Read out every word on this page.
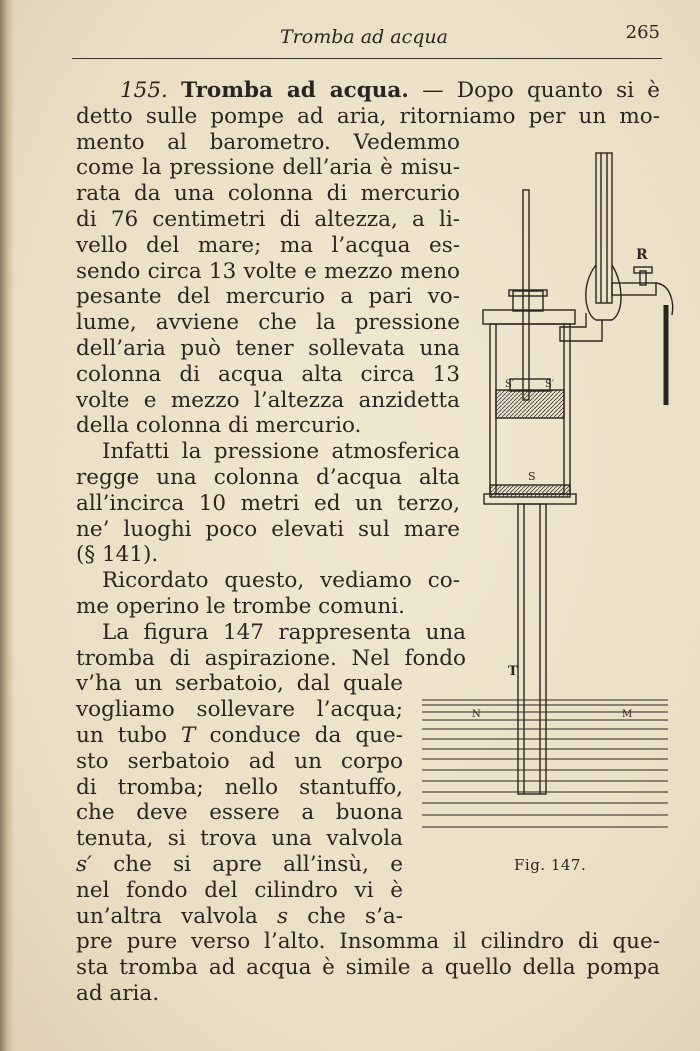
Tromba ad acqua	265
155. Tromba ad acqua. — Dopo quanto si è
detto sulle pompe ad aria, ritorniamo per un mo-
mento al barometro. Vedemmo
come la pressione dell’aria è misu-
rata da una colonna di mercurio
di 76 centimetri di altezza, a li-
vello del mare; ma l’acqua es-
sendo circa 13 volte e mezzo meno
pesante del mercurio a pari vo-
lume, avviene che la pressione
dell’aria può tener sollevata una
colonna di acqua alta circa 13
volte e mezzo l’altezza anzidetta
della colonna di mercurio.
Infatti la pressione atmosferica
regge una colonna d’acqua alta
all’incirca 10 metri ed un terzo,
ne’ luoghi poco elevati sul mare
(§ 141).
Ricordato questo, vediamo co-
me operino le trombe comuni.
La figura 147 rappresenta una
tromba di aspirazione. Nel fondo
v’ha un serbatoio, dal quale
vogliamo sollevare l’acqua;
un tubo T conduce da que-
sto serbatoio ad un corpo
di tromba; nello stantuffo,
che deve essere a buona
tenuta, si trova una valvola
s′ che si apre all’insù, e
nel fondo del cilindro vi è
un’altra valvola s che s’a-
pre pure verso l’alto. Insomma il cilindro di que-
sta tromba ad acqua è simile a quello della pompa
ad aria.
R
S′	S′
S
T
N	M
Fig. 147.
